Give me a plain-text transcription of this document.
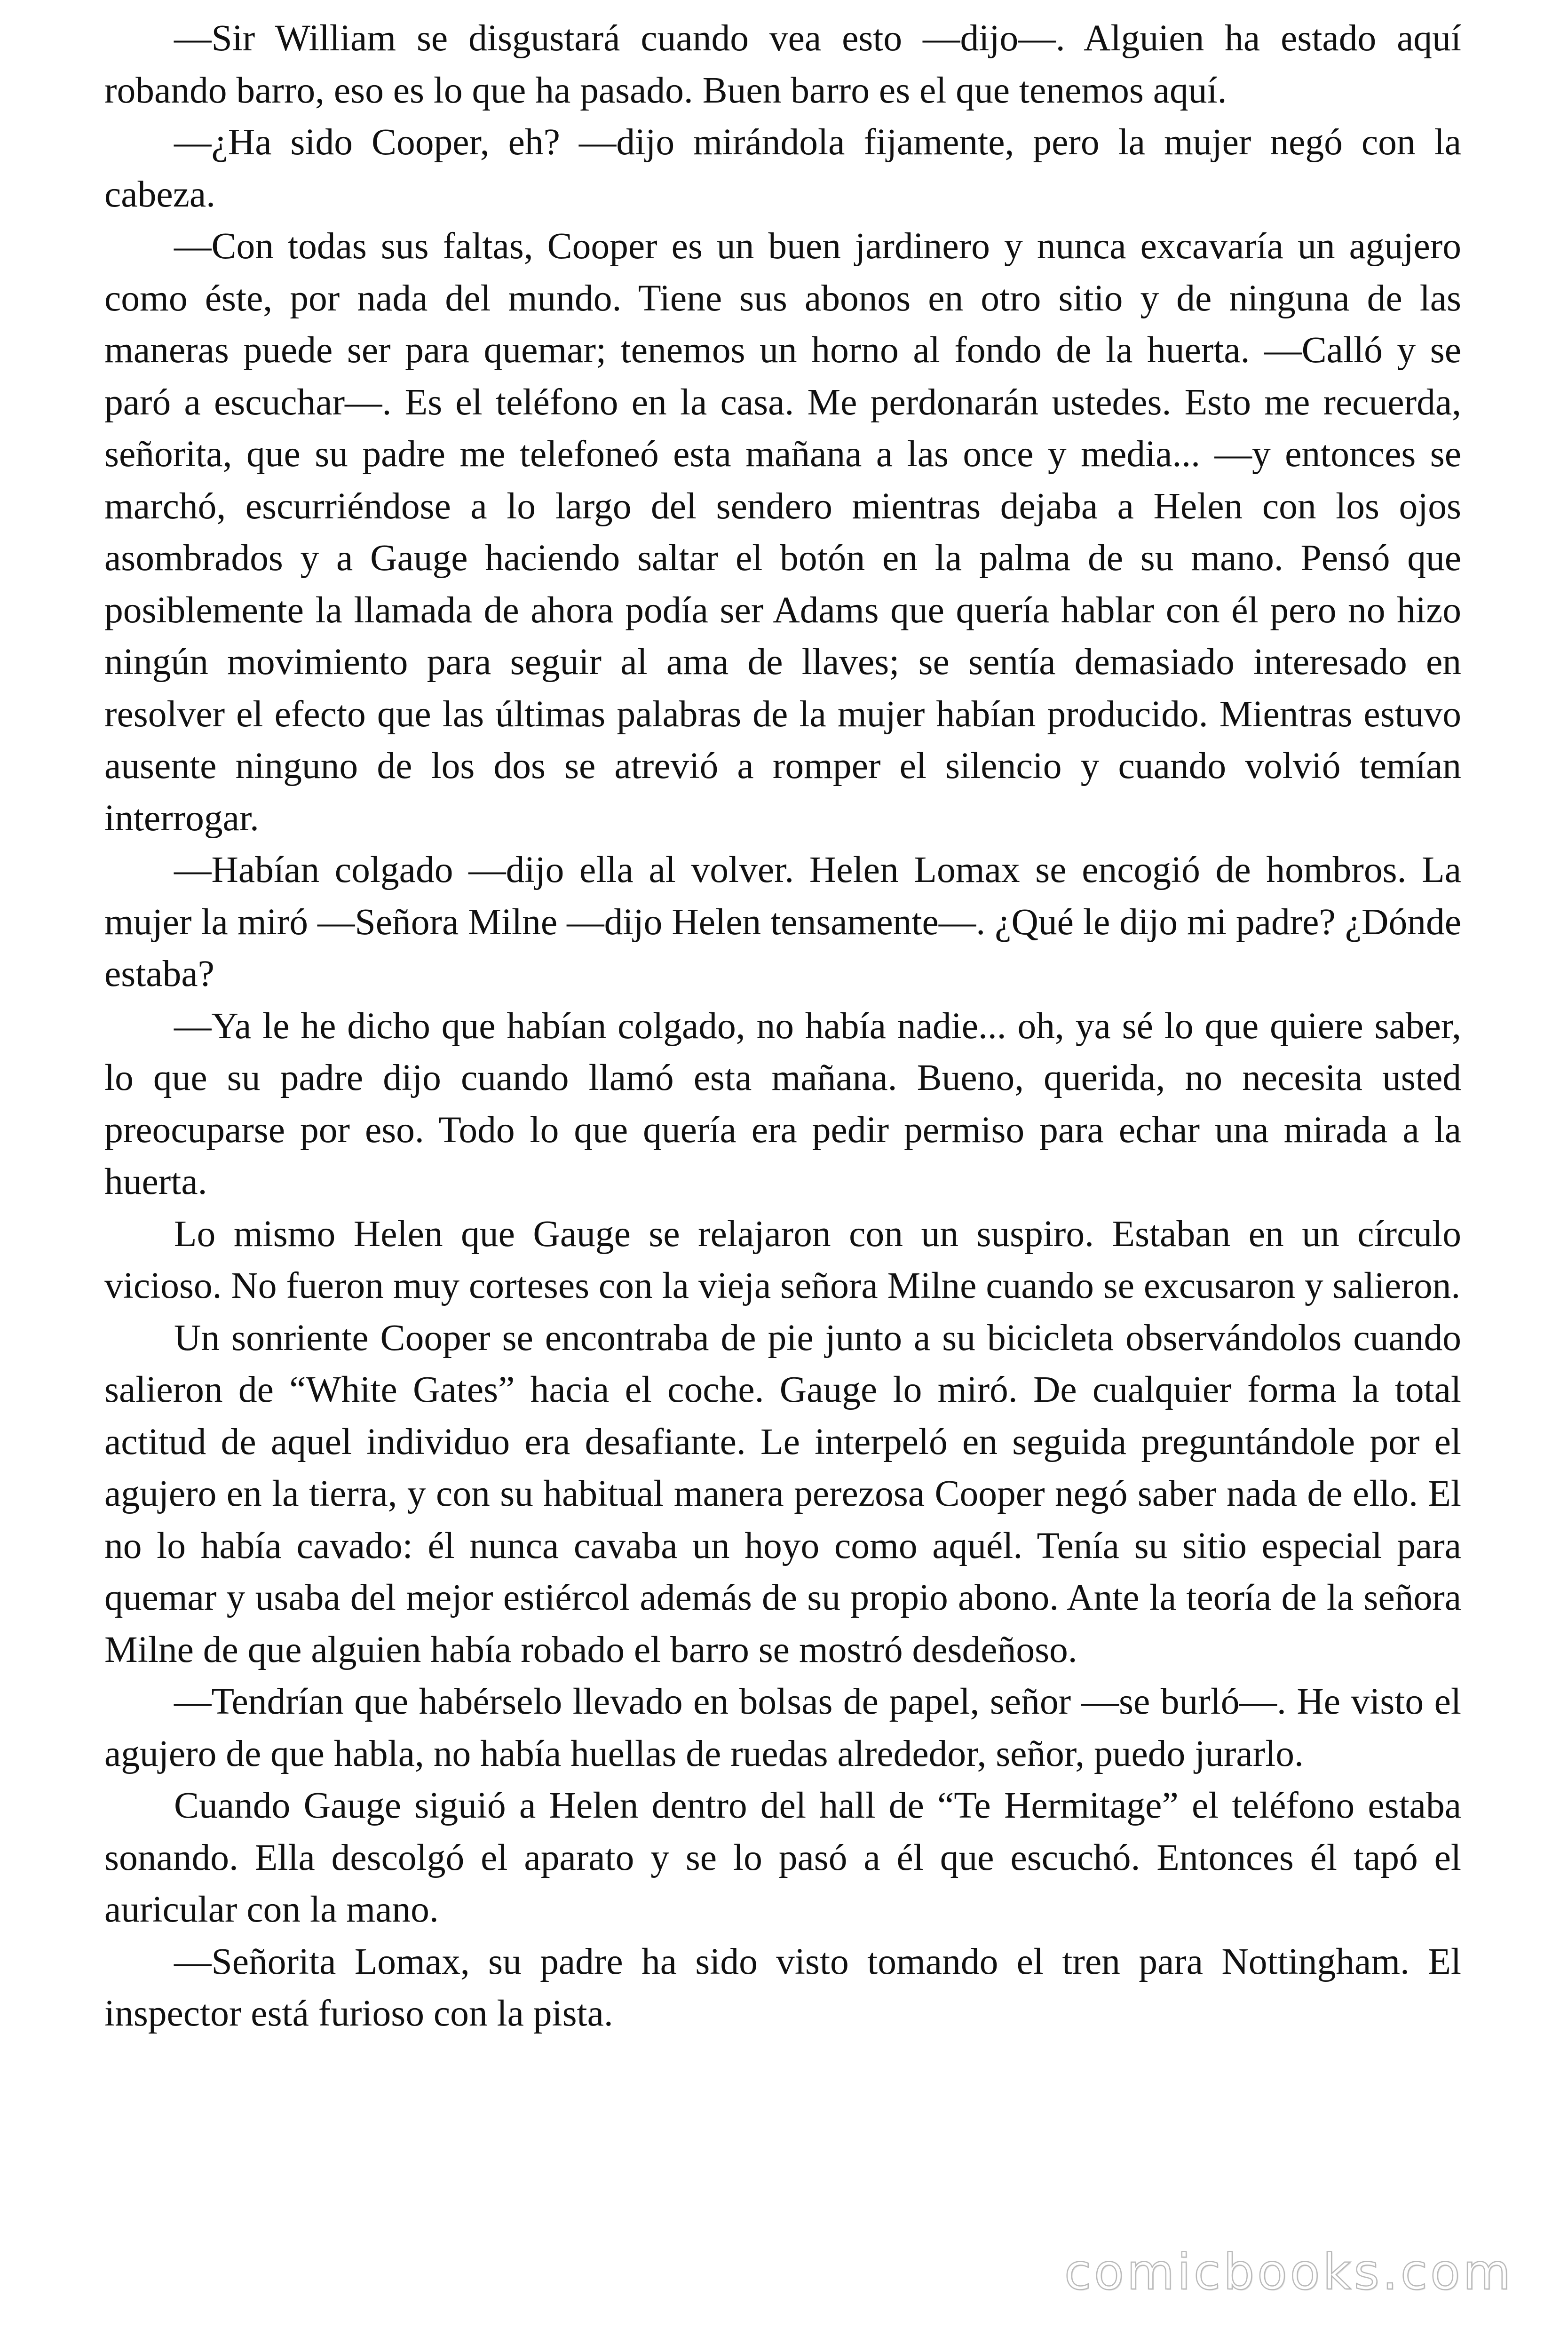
—Sir William se disgustará cuando vea esto —dijo—. Alguien ha estado aquí robando barro, eso es lo que ha pasado. Buen barro es el que tenemos aquí.

—¿Ha sido Cooper, eh? —dijo mirándola fijamente, pero la mujer negó con la cabeza.

—Con todas sus faltas, Cooper es un buen jardinero y nunca excavaría un agujero como éste, por nada del mundo. Tiene sus abonos en otro sitio y de ninguna de las maneras puede ser para quemar; tenemos un horno al fondo de la huerta. —Calló y se paró a escuchar—. Es el teléfono en la casa. Me perdonarán ustedes. Esto me recuerda, señorita, que su padre me telefoneó esta mañana a las once y media... —y entonces se marchó, escurriéndose a lo largo del sendero mientras dejaba a Helen con los ojos asombrados y a Gauge haciendo saltar el botón en la palma de su mano. Pensó que posiblemente la llamada de ahora podía ser Adams que quería hablar con él pero no hizo ningún movimiento para seguir al ama de llaves; se sentía demasiado interesado en resolver el efecto que las últimas palabras de la mujer habían producido. Mientras estuvo ausente ninguno de los dos se atrevió a romper el silencio y cuando volvió temían interrogar.

—Habían colgado —dijo ella al volver. Helen Lomax se encogió de hombros. La mujer la miró —Señora Milne —dijo Helen tensamente—. ¿Qué le dijo mi padre? ¿Dónde estaba?

—Ya le he dicho que habían colgado, no había nadie... oh, ya sé lo que quiere saber, lo que su padre dijo cuando llamó esta mañana. Bueno, querida, no necesita usted preocuparse por eso. Todo lo que quería era pedir permiso para echar una mirada a la huerta.

Lo mismo Helen que Gauge se relajaron con un suspiro. Estaban en un círculo vicioso. No fueron muy corteses con la vieja señora Milne cuando se excusaron y salieron.

Un sonriente Cooper se encontraba de pie junto a su bicicleta observándolos cuando salieron de “White Gates” hacia el coche. Gauge lo miró. De cualquier forma la total actitud de aquel individuo era desafiante. Le interpeló en seguida preguntándole por el agujero en la tierra, y con su habitual manera perezosa Cooper negó saber nada de ello. El no lo había cavado: él nunca cavaba un hoyo como aquél. Tenía su sitio especial para quemar y usaba del mejor estiércol además de su propio abono. Ante la teoría de la señora Milne de que alguien había robado el barro se mostró desdeñoso.

—Tendrían que habérselo llevado en bolsas de papel, señor —se burló—. He visto el agujero de que habla, no había huellas de ruedas alrededor, señor, puedo jurarlo.

Cuando Gauge siguió a Helen dentro del hall de “Te Hermitage” el teléfono estaba sonando. Ella descolgó el aparato y se lo pasó a él que escuchó. Entonces él tapó el auricular con la mano.

—Señorita Lomax, su padre ha sido visto tomando el tren para Nottingham. El inspector está furioso con la pista.

comicbooks.com
